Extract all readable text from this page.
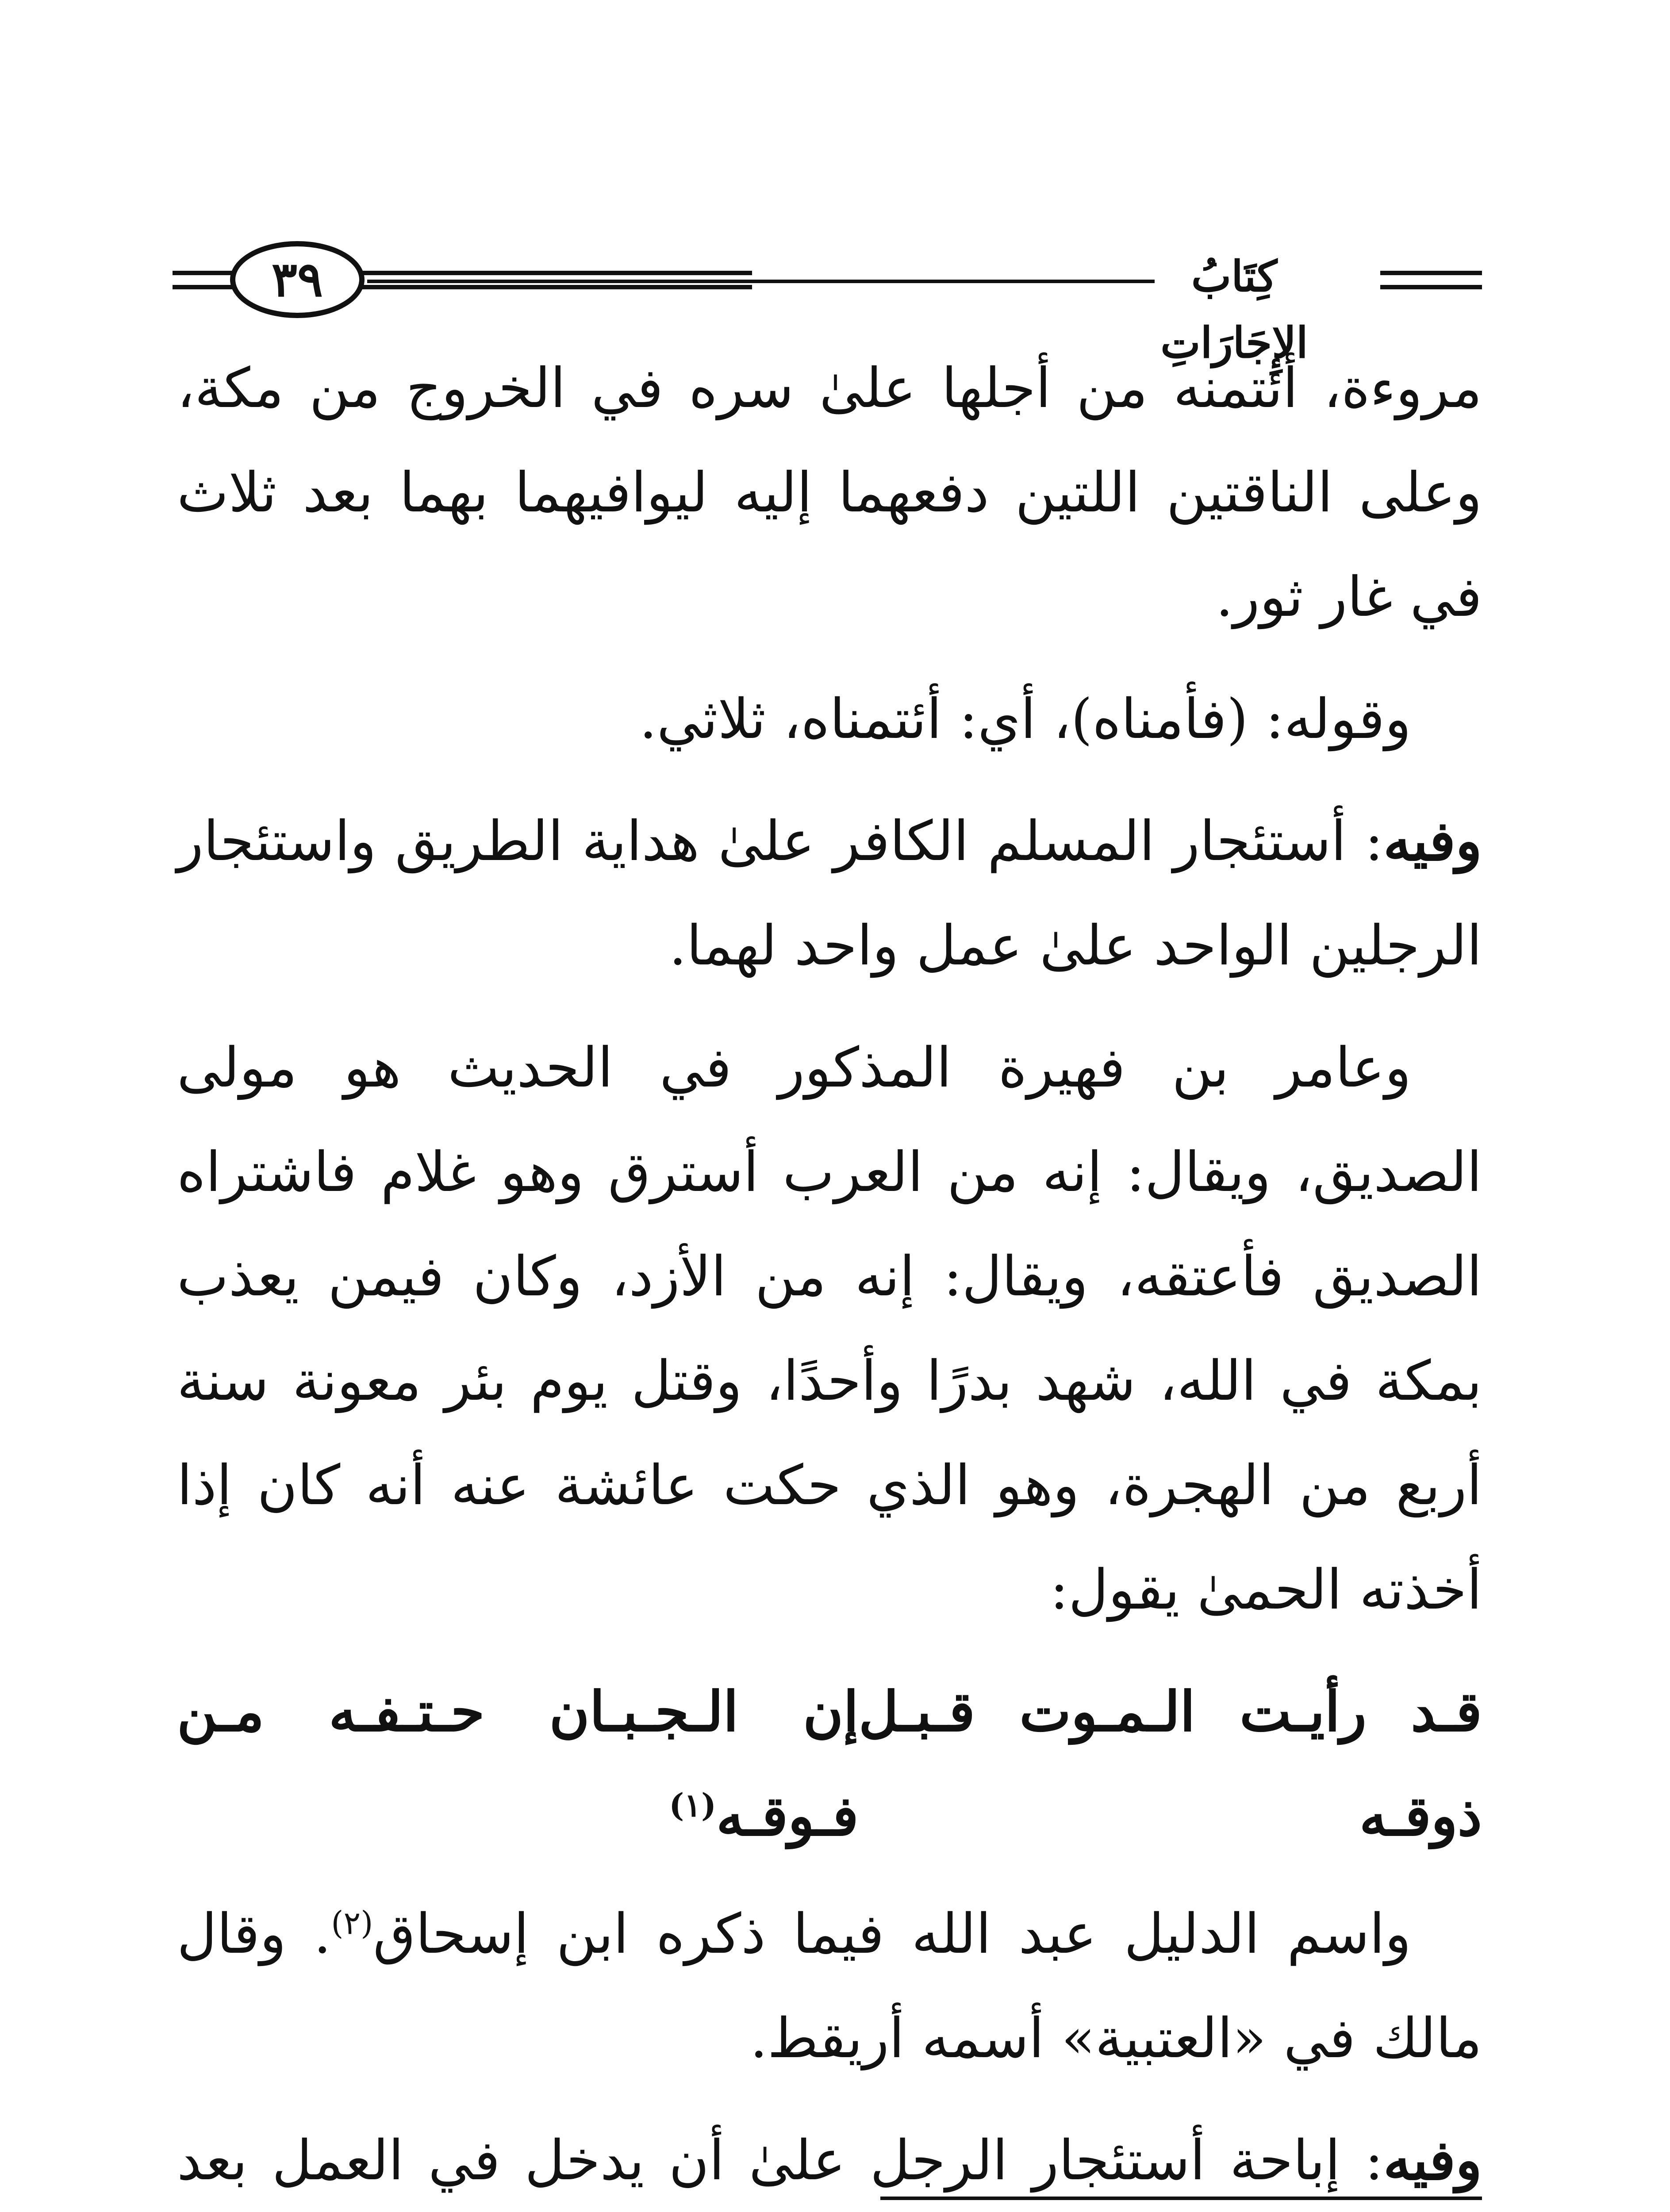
٣٩	كِتَابُ الإِجَارَاتِ

مروءة، أئتمنه من أجلها علىٰ سره في الخروج من مكة، وعلى الناقتين اللتين دفعهما إليه ليوافيهما بهما بعد ثلاث في غار ثور.

وقوله: (فأمناه)، أي: أئتمناه، ثلاثي.

وفيه: أستئجار المسلم الكافر علىٰ هداية الطريق واستئجار الرجلين الواحد علىٰ عمل واحد لهما.

وعامر بن فهيرة المذكور في الحديث هو مولى الصديق، ويقال: إنه من العرب أسترق وهو غلام فاشتراه الصديق فأعتقه، ويقال: إنه من الأزد، وكان فيمن يعذب بمكة في الله، شهد بدرًا وأحدًا، وقتل يوم بئر معونة سنة أربع من الهجرة، وهو الذي حكت عائشة عنه أنه كان إذا أخذته الحمىٰ يقول:

قـد رأيـت الـمـوت قـبـل ذوقـه
إن الـجـبـان حـتـفـه مـن فـوقـه$^{(١)}$

واسم الدليل عبد الله فيما ذكره ابن إسحاق$^{(٢)}$. وقال مالك في «العتبية» أسمه أريقط.

وفيه: إباحة أستئجار الرجل علىٰ أن يدخل في العمل بعد
